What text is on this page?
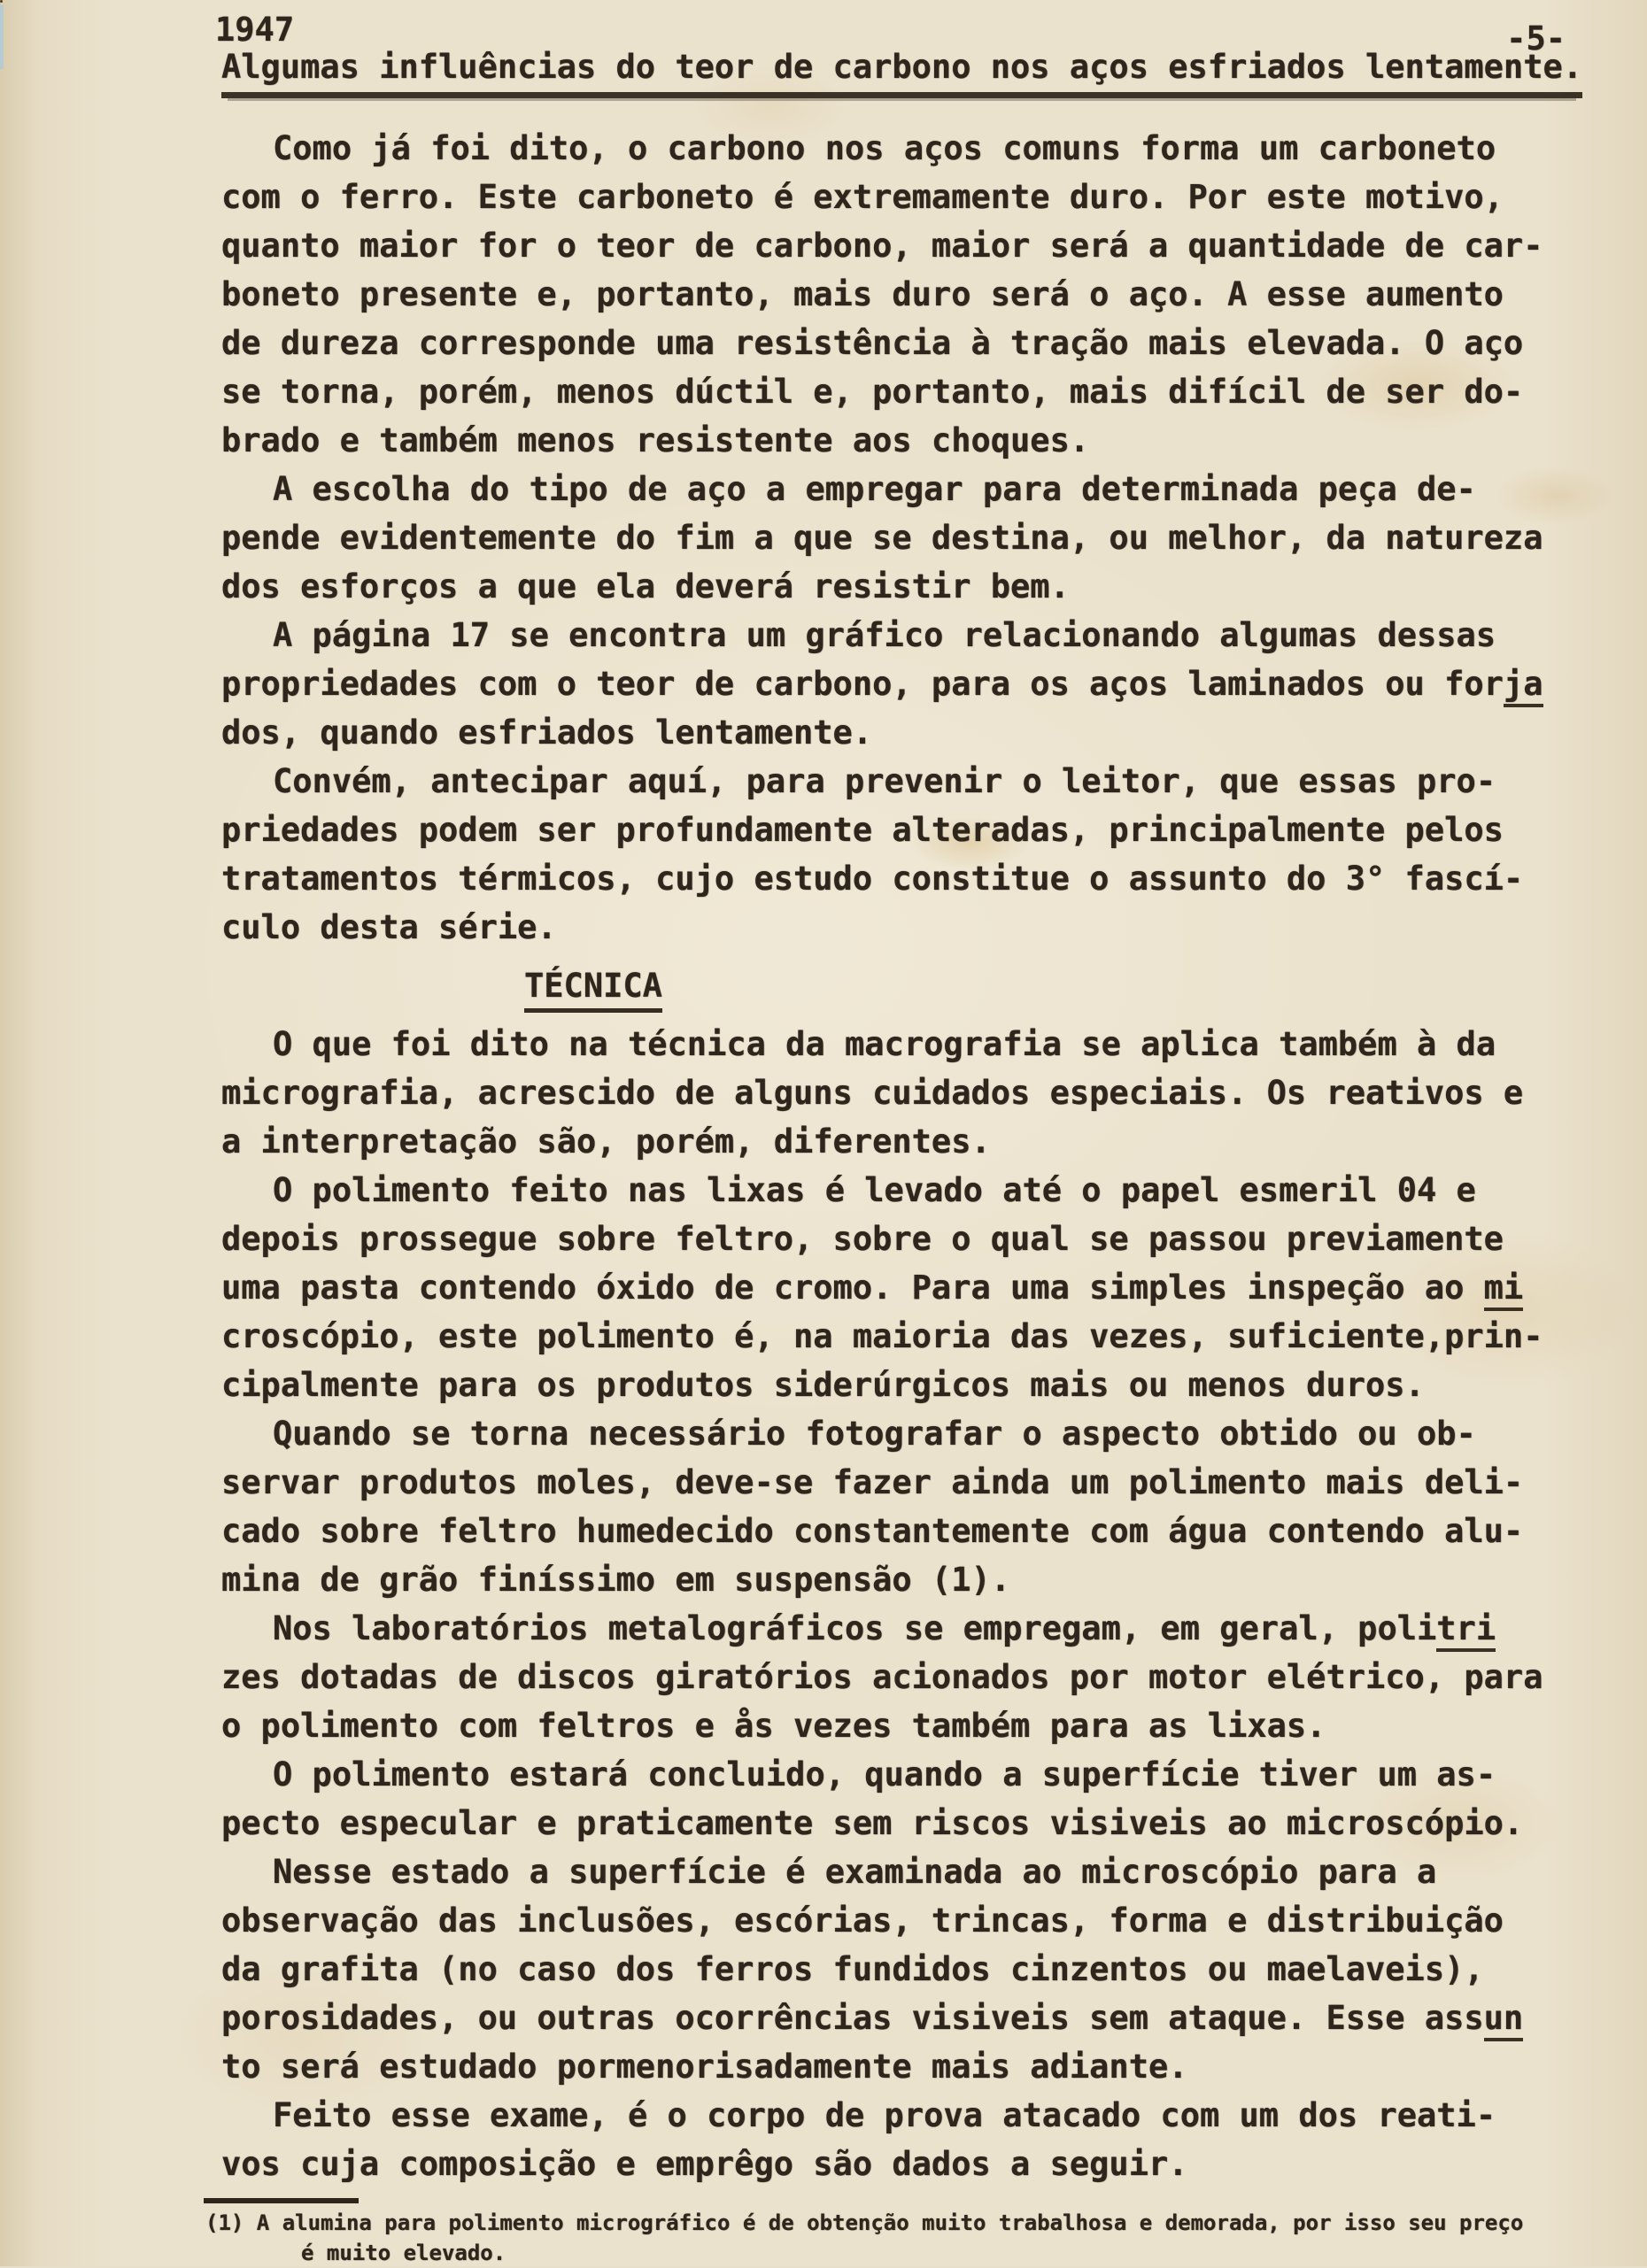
1947	-5-
Algumas influências do teor de carbono nos aços esfriados lentamente.
Como já foi dito, o carbono nos aços comuns forma um carboneto
com o ferro. Este carboneto é extremamente duro. Por este motivo,
quanto maior for o teor de carbono, maior será a quantidade de car-
boneto presente e, portanto, mais duro será o aço. A esse aumento
de dureza corresponde uma resistência à tração mais elevada. O aço
se torna, porém, menos dúctil e, portanto, mais difícil de ser do-
brado e também menos resistente aos choques.
A escolha do tipo de aço a empregar para determinada peça de-
pende evidentemente do fim a que se destina, ou melhor, da natureza
dos esforços a que ela deverá resistir bem.
A página 17 se encontra um gráfico relacionando algumas dessas
propriedades com o teor de carbono, para os aços laminados ou forja
dos, quando esfriados lentamente.
Convém, antecipar aquí, para prevenir o leitor, que essas pro-
priedades podem ser profundamente alteradas, principalmente pelos
tratamentos térmicos, cujo estudo constitue o assunto do 3° fascí-
culo desta série.
TÉCNICA
O que foi dito na técnica da macrografia se aplica também à da
micrografia, acrescido de alguns cuidados especiais. Os reativos e
a interpretação são, porém, diferentes.
O polimento feito nas lixas é levado até o papel esmeril 04 e
depois prossegue sobre feltro, sobre o qual se passou previamente
uma pasta contendo óxido de cromo. Para uma simples inspeção ao mi
croscópio, este polimento é, na maioria das vezes, suficiente,prin-
cipalmente para os produtos siderúrgicos mais ou menos duros.
Quando se torna necessário fotografar o aspecto obtido ou ob-
servar produtos moles, deve-se fazer ainda um polimento mais deli-
cado sobre feltro humedecido constantemente com água contendo alu-
mina de grão finíssimo em suspensão (1).
Nos laboratórios metalográficos se empregam, em geral, politri
zes dotadas de discos giratórios acionados por motor elétrico, para
o polimento com feltros e ås vezes também para as lixas.
O polimento estará concluido, quando a superfície tiver um as-
pecto especular e praticamente sem riscos visiveis ao microscópio.
Nesse estado a superfície é examinada ao microscópio para a
observação das inclusões, escórias, trincas, forma e distribuição
da grafita (no caso dos ferros fundidos cinzentos ou maelaveis),
porosidades, ou outras ocorrências visiveis sem ataque. Esse assun
to será estudado pormenorisadamente mais adiante.
Feito esse exame, é o corpo de prova atacado com um dos reati-
vos cuja composição e emprêgo são dados a seguir.
(1) A alumina para polimento micrográfico é de obtenção muito trabalhosa e demorada, por isso seu preço
é muito elevado.
